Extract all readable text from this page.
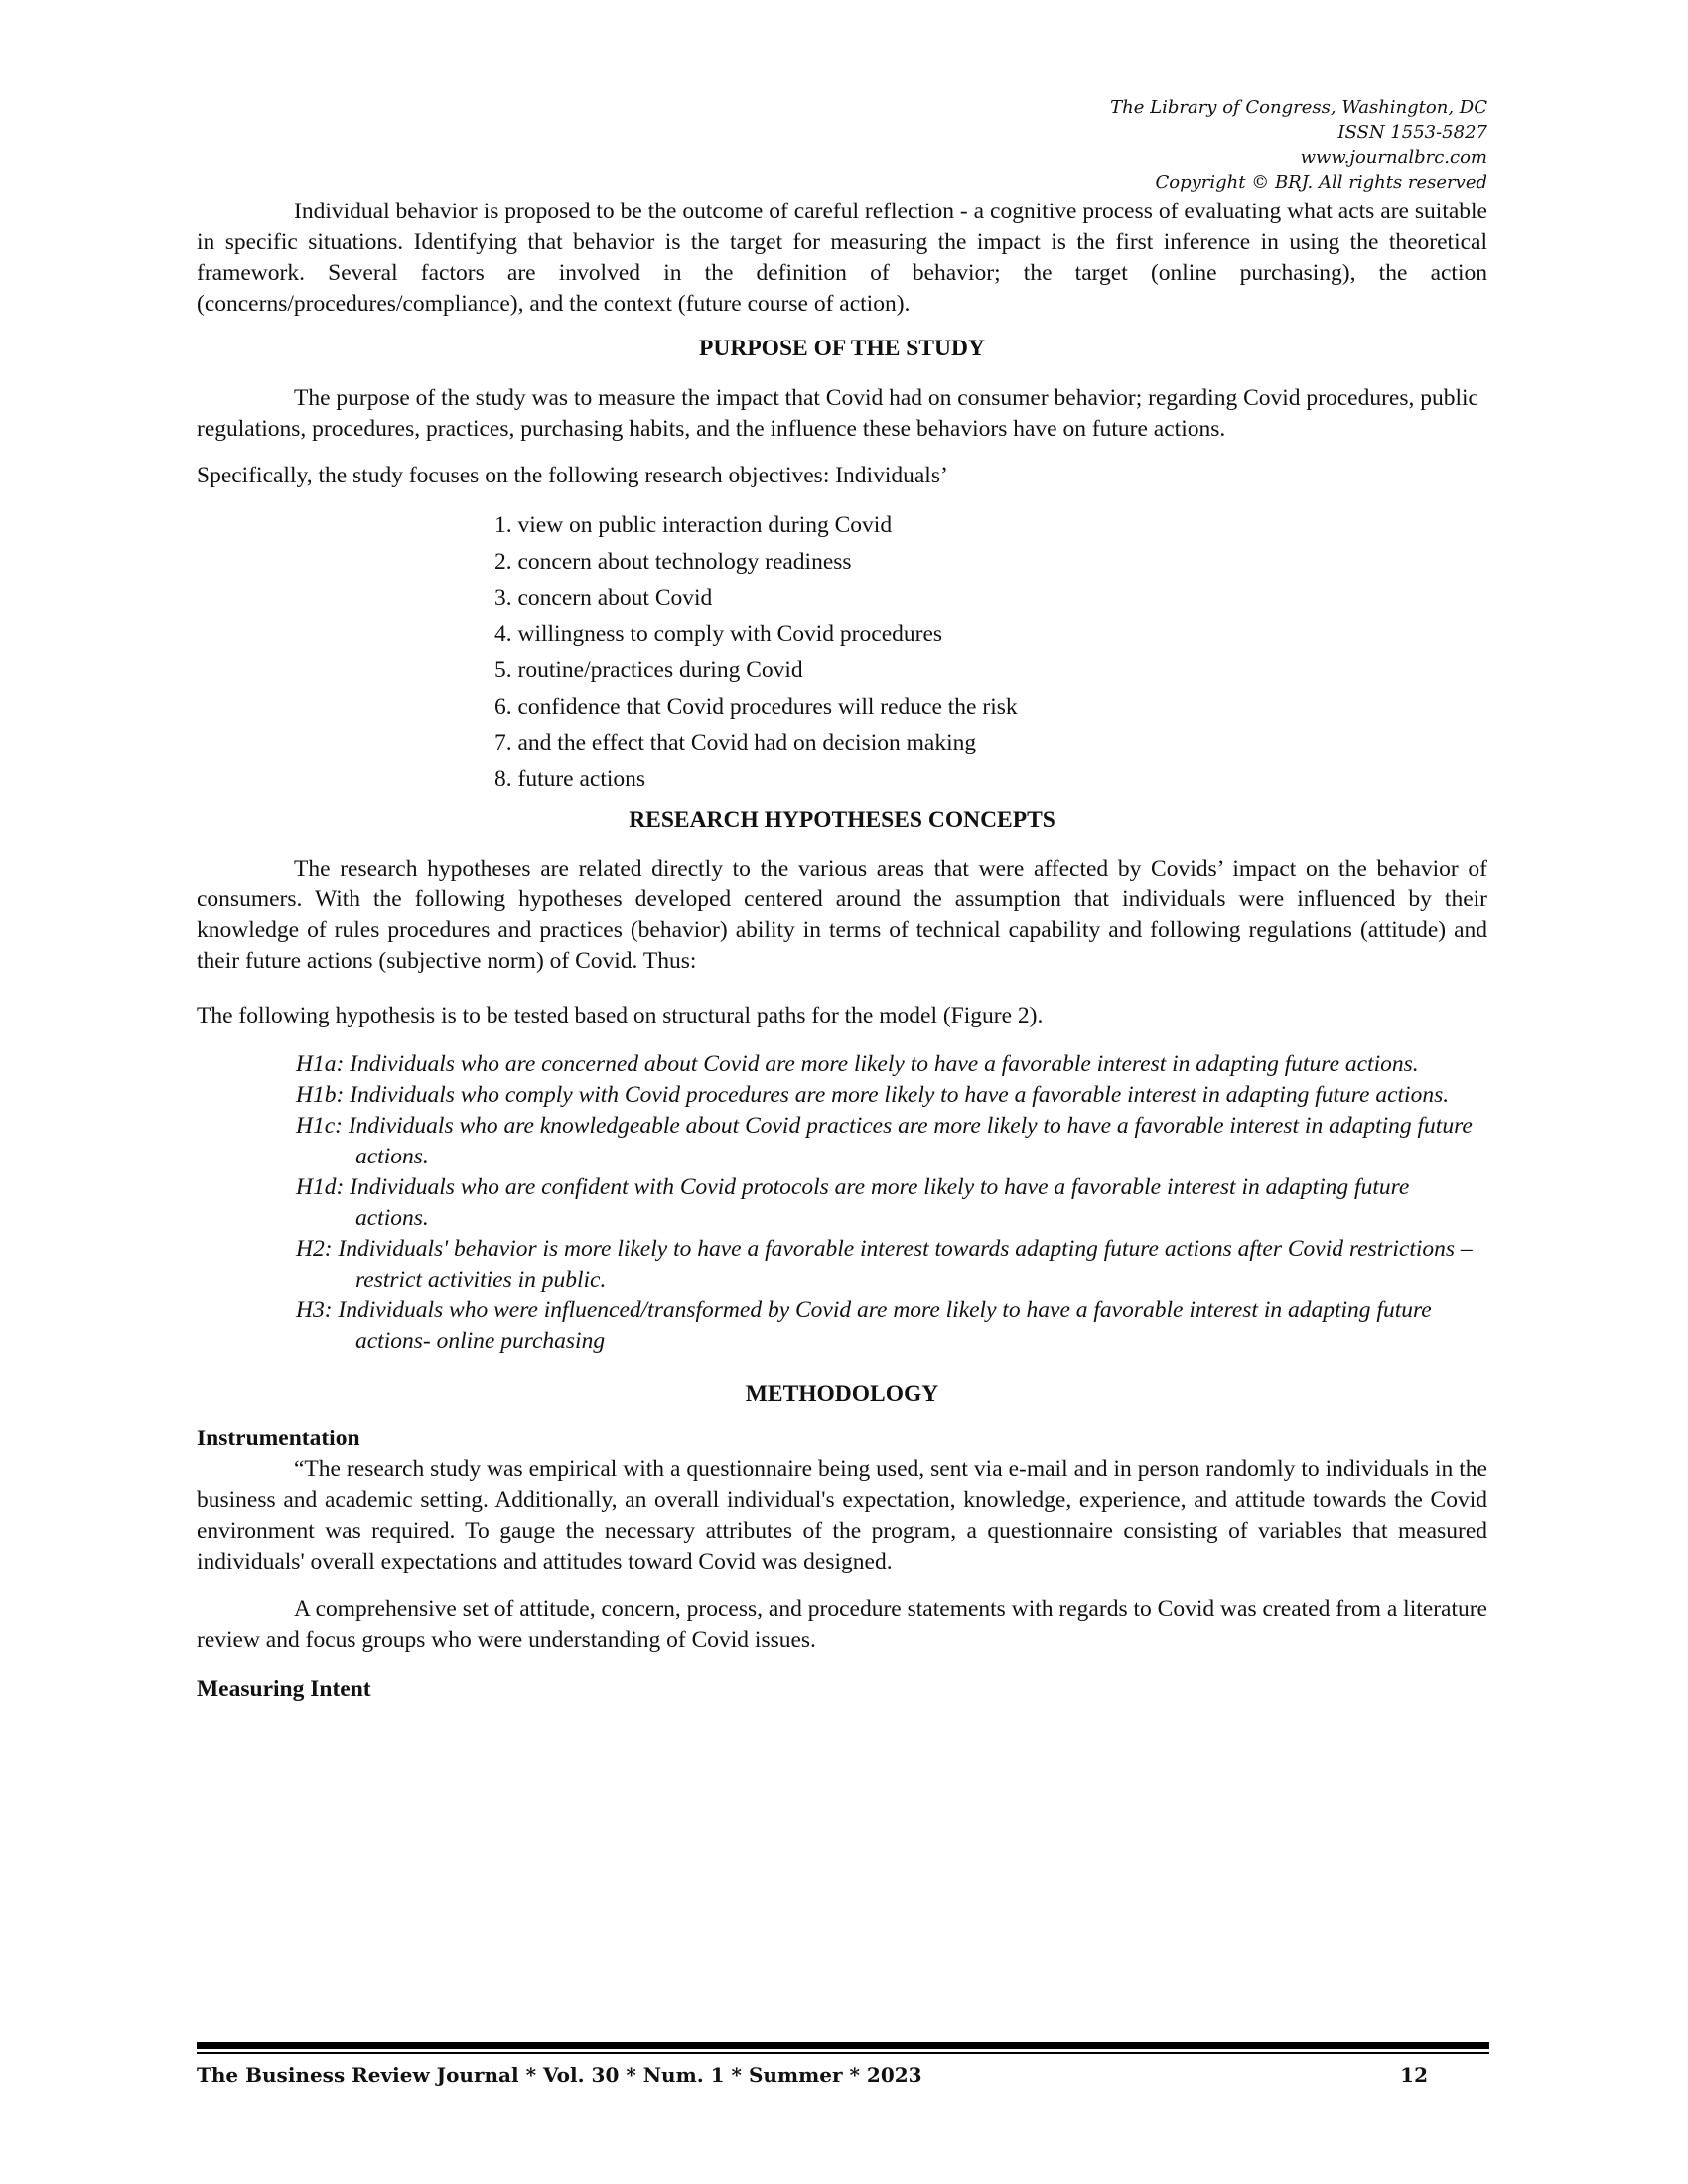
The Library of Congress, Washington, DC
ISSN 1553-5827
www.journalbrc.com
Copyright © BRJ. All rights reserved

Individual behavior is proposed to be the outcome of careful reflection - a cognitive process of evaluating what acts are suitable in specific situations. Identifying that behavior is the target for measuring the impact is the first inference in using the theoretical framework. Several factors are involved in the definition of behavior; the target (online purchasing), the action (concerns/procedures/compliance), and the context (future course of action).

PURPOSE OF THE STUDY

The purpose of the study was to measure the impact that Covid had on consumer behavior; regarding Covid procedures, public regulations, procedures, practices, purchasing habits, and the influence these behaviors have on future actions.

Specifically, the study focuses on the following research objectives: Individuals’

1. view on public interaction during Covid
2. concern about technology readiness
3. concern about Covid
4. willingness to comply with Covid procedures
5. routine/practices during Covid
6. confidence that Covid procedures will reduce the risk
7. and the effect that Covid had on decision making
8. future actions
RESEARCH HYPOTHESES CONCEPTS

The research hypotheses are related directly to the various areas that were affected by Covids’ impact on the behavior of consumers. With the following hypotheses developed centered around the assumption that individuals were influenced by their knowledge of rules procedures and practices (behavior) ability in terms of technical capability and following regulations (attitude) and their future actions (subjective norm) of Covid. Thus:

The following hypothesis is to be tested based on structural paths for the model (Figure 2).

H1a: Individuals who are concerned about Covid are more likely to have a favorable interest in adapting future actions.

H1b: Individuals who comply with Covid procedures are more likely to have a favorable interest in adapting future actions.

H1c: Individuals who are knowledgeable about Covid practices are more likely to have a favorable interest in adapting future actions.

H1d: Individuals who are confident with Covid protocols are more likely to have a favorable interest in adapting future actions.

H2: Individuals' behavior is more likely to have a favorable interest towards adapting future actions after Covid restrictions – restrict activities in public.

H3: Individuals who were influenced/transformed by Covid are more likely to have a favorable interest in adapting future actions- online purchasing

METHODOLOGY
Instrumentation

“The research study was empirical with a questionnaire being used, sent via e-mail and in person randomly to individuals in the business and academic setting. Additionally, an overall individual's expectation, knowledge, experience, and attitude towards the Covid environment was required. To gauge the necessary attributes of the program, a questionnaire consisting of variables that measured individuals' overall expectations and attitudes toward Covid was designed.

A comprehensive set of attitude, concern, process, and procedure statements with regards to Covid was created from a literature review and focus groups who were understanding of Covid issues.

Measuring Intent
The Business Review Journal * Vol. 30 * Num. 1 * Summer * 2023	12
